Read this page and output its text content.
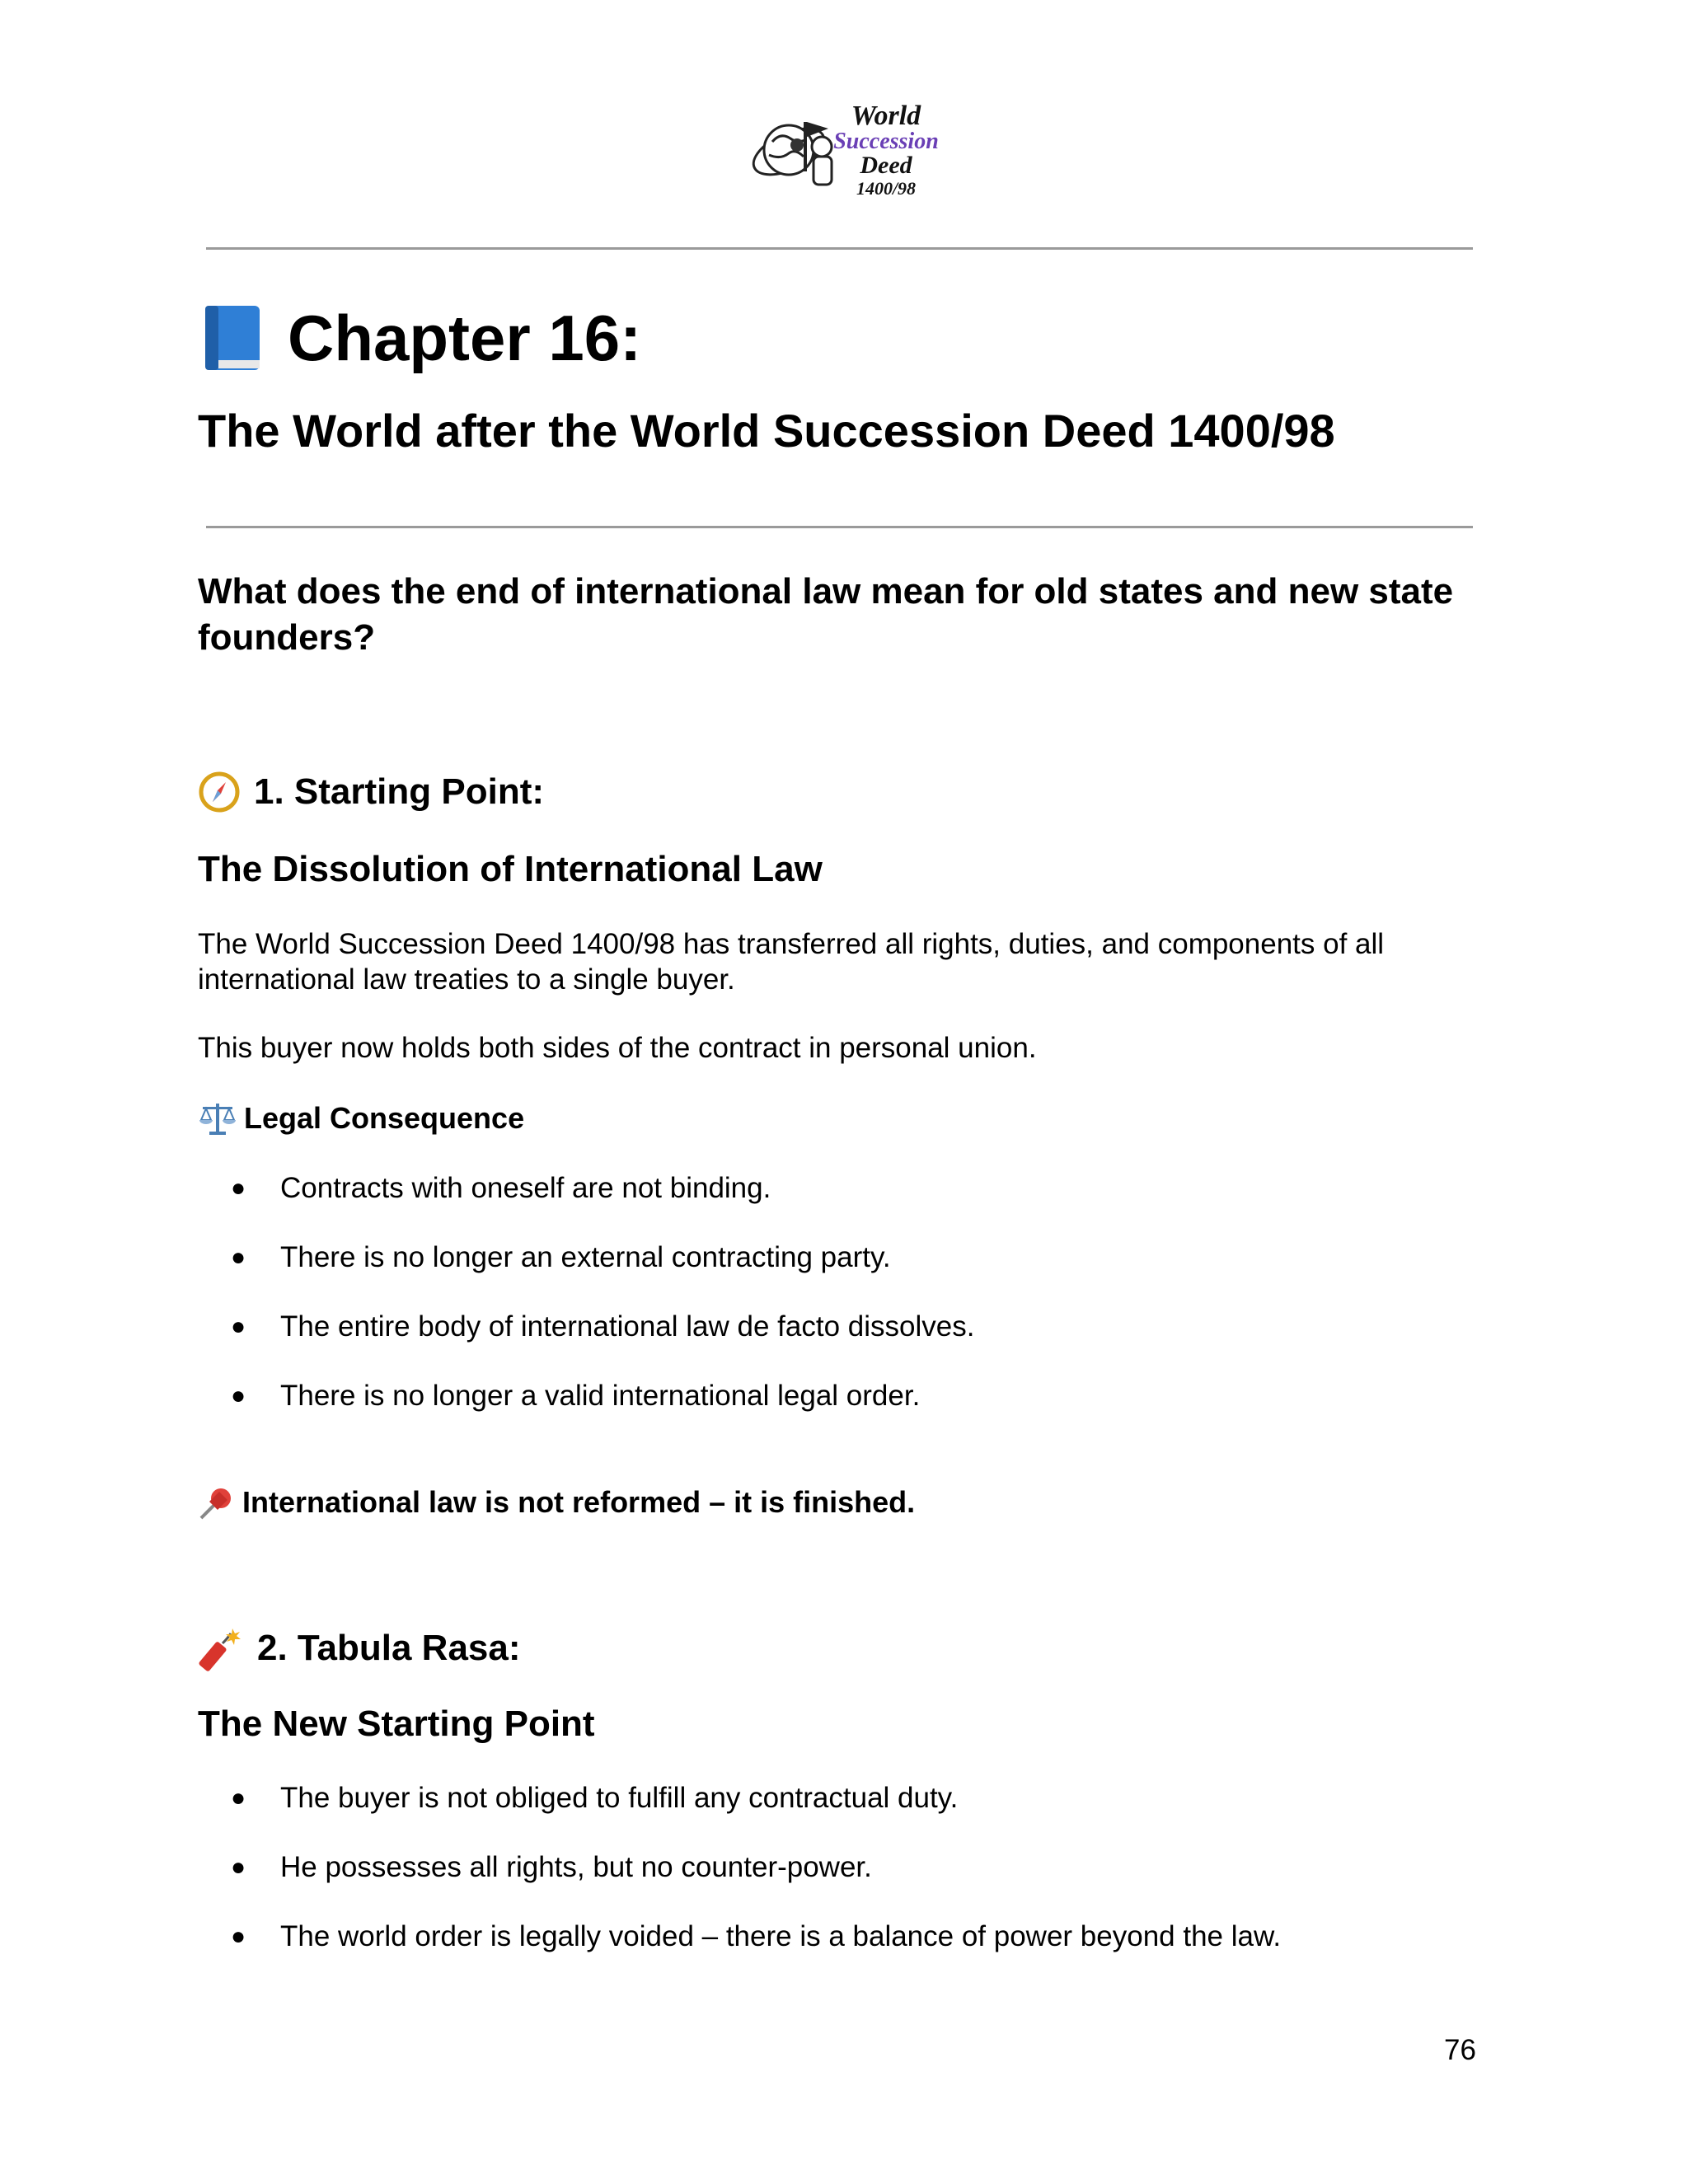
World
Succession
Deed
1400/98
Chapter 16:
The World after the World Succession Deed 1400/98
What does the end of international law mean for old states and new state founders?
1. Starting Point:
The Dissolution of International Law
The World Succession Deed 1400/98 has transferred all rights, duties, and components of all international law treaties to a single buyer.
This buyer now holds both sides of the contract in personal union.
Legal Consequence
● Contracts with oneself are not binding.
● There is no longer an external contracting party.
● The entire body of international law de facto dissolves.
● There is no longer a valid international legal order.
International law is not reformed – it is finished.
2. Tabula Rasa:
The New Starting Point
● The buyer is not obliged to fulfill any contractual duty.
● He possesses all rights, but no counter-power.
● The world order is legally voided – there is a balance of power beyond the law.
76
